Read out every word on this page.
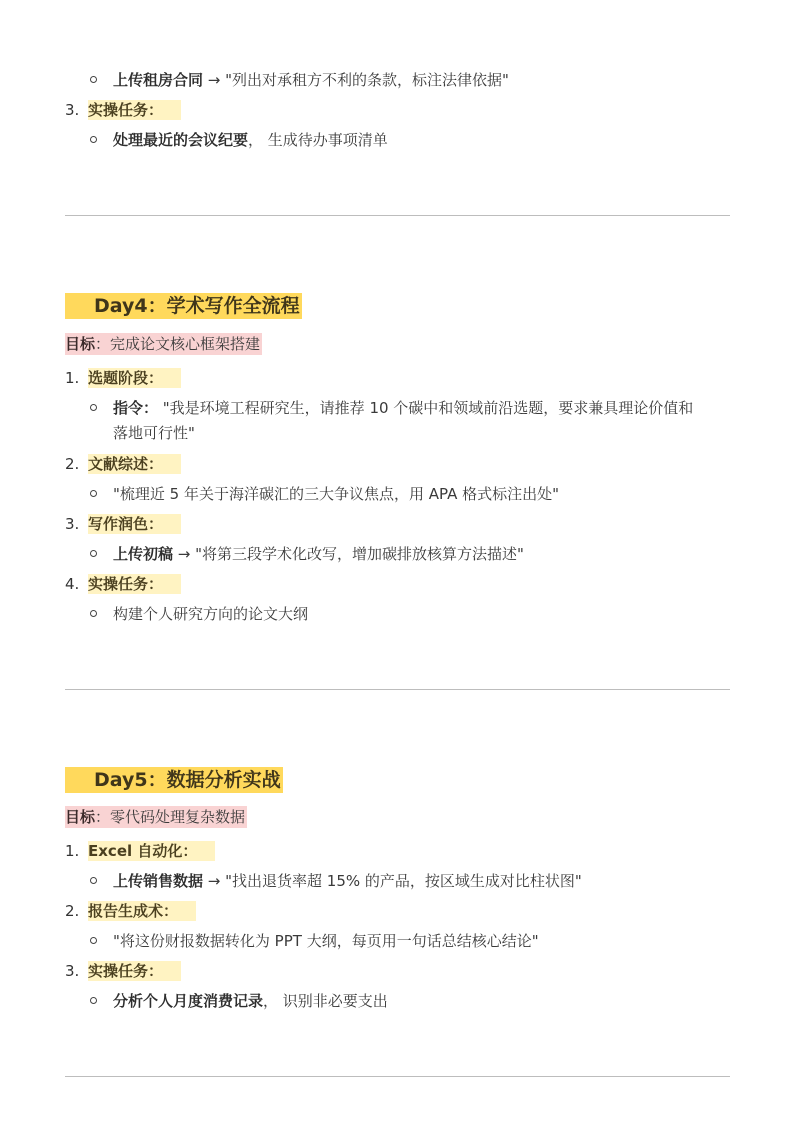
上传租房合同 → "列出对承租方不利的条款，标注法律依据"
3. 实操任务：
处理最近的会议纪要， 生成待办事项清单
Day4：学术写作全流程
目标：完成论文核心框架搭建
1. 选题阶段：
指令： "我是环境工程研究生，请推荐 10 个碳中和领域前沿选题，要求兼具理论价值和
落地可行性"
2. 文献综述：
"梳理近 5 年关于海洋碳汇的三大争议焦点，用 APA 格式标注出处"
3. 写作润色：
上传初稿 → "将第三段学术化改写，增加碳排放核算方法描述"
4. 实操任务：
构建个人研究方向的论文大纲
Day5：数据分析实战
目标：零代码处理复杂数据
1. Excel 自动化：
上传销售数据 → "找出退货率超 15% 的产品，按区域生成对比柱状图"
2. 报告生成术：
"将这份财报数据转化为 PPT 大纲，每页用一句话总结核心结论"
3. 实操任务：
分析个人月度消费记录， 识别非必要支出
